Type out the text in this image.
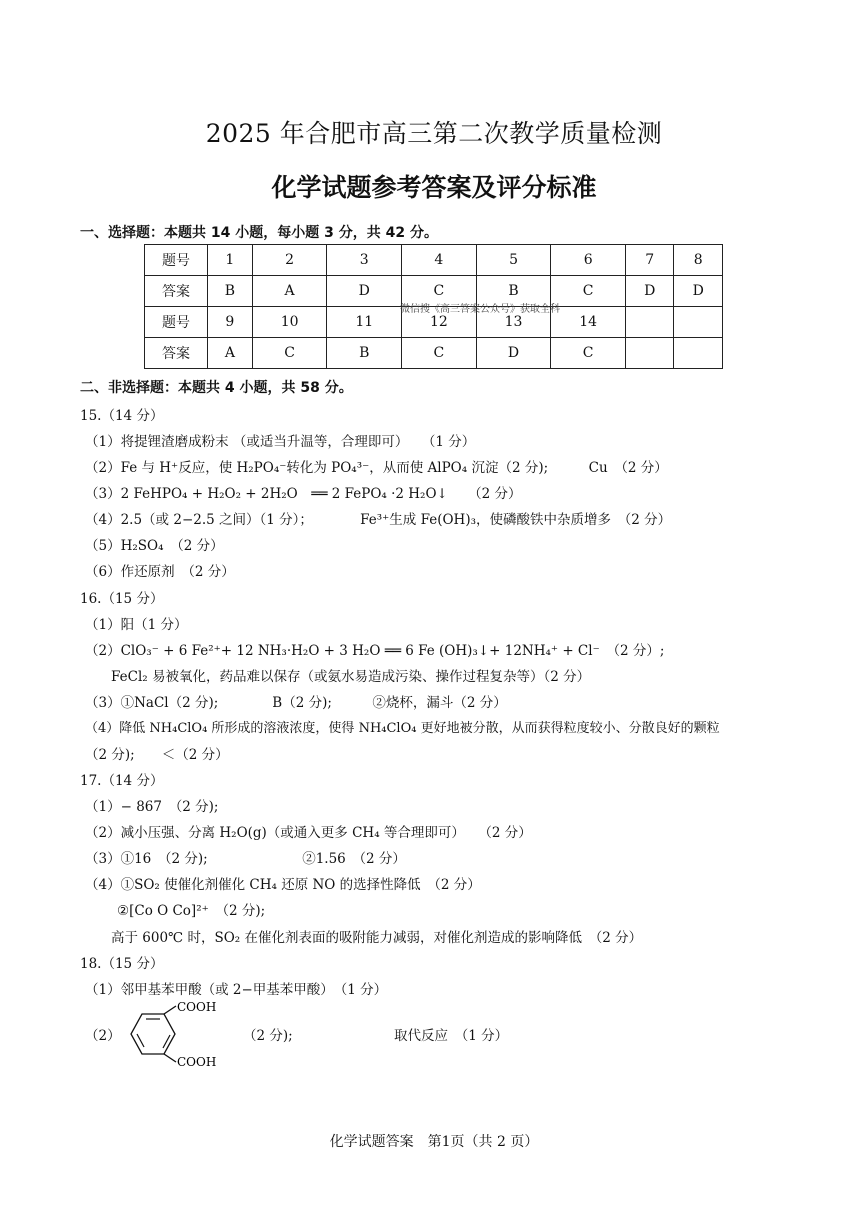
2025 年合肥市高三第二次教学质量检测
化学试题参考答案及评分标准
一、选择题：本题共 14 小题，每小题 3 分，共 42 分。
题号	1	2	3	4	5	6	7	8
答案	B	A	D	C	B	C	D	D
题号	9	10	11	12	13	14		
答案	A	C	B	C	D	C		
微信搜《高三答案公众号》获取全科
二、非选择题：本题共 4 小题，共 58 分。
15.（14 分）
（1）将提锂渣磨成粉末 （或适当升温等，合理即可）　　（1 分）
（2）Fe 与 H⁺反应，使 H₂PO₄⁻转化为 PO₄³⁻，从而使 AlPO₄ 沉淀（2 分);　　　Cu　（2 分）
（3）2 FeHPO₄ + H₂O₂ + 2H₂O　══ 2 FePO₄ ·2 H₂O↓　　（2 分）
（4）2.5（或 2−2.5 之间）（1 分）；　　　　Fe³⁺生成 Fe(OH)₃，使磷酸铁中杂质增多　（2 分）
（5）H₂SO₄　（2 分）
（6）作还原剂　（2 分）
16.（15 分）
（1）阳（1 分）
（2）ClO₃⁻ + 6 Fe²⁺+ 12 NH₃·H₂O + 3 H₂O ══ 6 Fe (OH)₃↓+ 12NH₄⁺ + Cl⁻　（2 分）;
FeCl₂ 易被氧化，药品难以保存（或氨水易造成污染、操作过程复杂等）（2 分）
（3）①NaCl（2 分);　　　　B（2 分);　　　②烧杯，漏斗（2 分）
（4）降低 NH₄ClO₄ 所形成的溶液浓度，使得 NH₄ClO₄ 更好地被分散，从而获得粒度较小、分散良好的颗粒
（2 分);　　＜（2 分）
17.（14 分）
（1）− 867　（2 分);
（2）减小压强、分离 H₂O(g)（或通入更多 CH₄ 等合理即可）　　（2 分）
（3）①16　（2 分);　　　　　　　②1.56　（2 分）
（4）①SO₂ 使催化剂催化 CH₄ 还原 NO 的选择性降低　（2 分）
②[Co O Co]²⁺　（2 分);
高于 600℃ 时，SO₂ 在催化剂表面的吸附能力减弱，对催化剂造成的影响降低　（2 分）
18.（15 分）
（1）邻甲基苯甲酸（或 2−甲基苯甲酸）　（1 分）
（2）
COOH
COOH
（2 分);	取代反应　（1 分）
化学试题答案　第1页（共 2 页）
